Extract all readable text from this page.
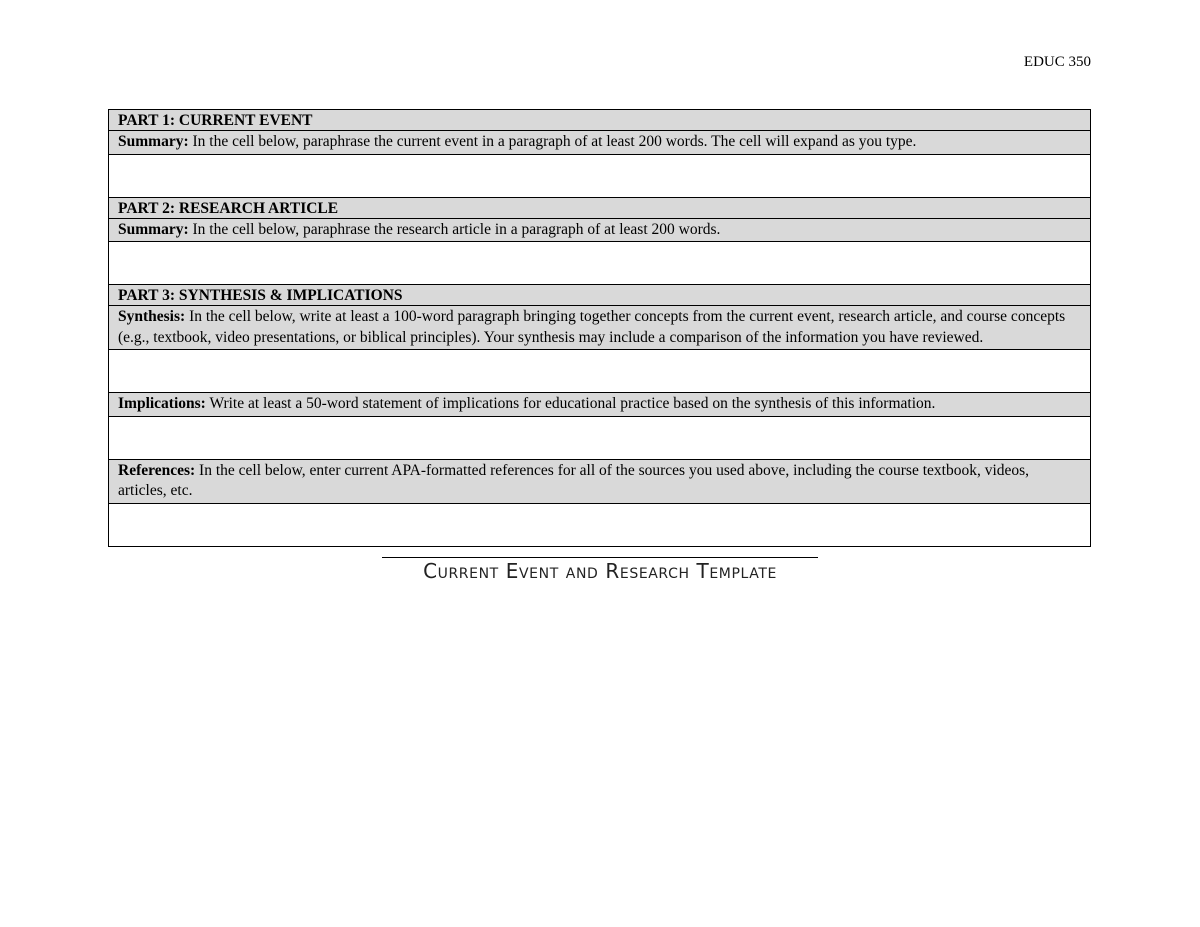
EDUC 350
PART 1: CURRENT EVENT
Summary: In the cell below, paraphrase the current event in a paragraph of at least 200 words. The cell will expand as you type.

PART 2: RESEARCH ARTICLE
Summary: In the cell below, paraphrase the research article in a paragraph of at least 200 words.

PART 3: SYNTHESIS & IMPLICATIONS
Synthesis: In the cell below, write at least a 100-word paragraph bringing together concepts from the current event, research article, and course concepts (e.g., textbook, video presentations, or biblical principles). Your synthesis may include a comparison of the information you have reviewed.

Implications: Write at least a 50-word statement of implications for educational practice based on the synthesis of this information.

References: In the cell below, enter current APA-formatted references for all of the sources you used above, including the course textbook, videos, articles, etc.

Current Event and Research Template
